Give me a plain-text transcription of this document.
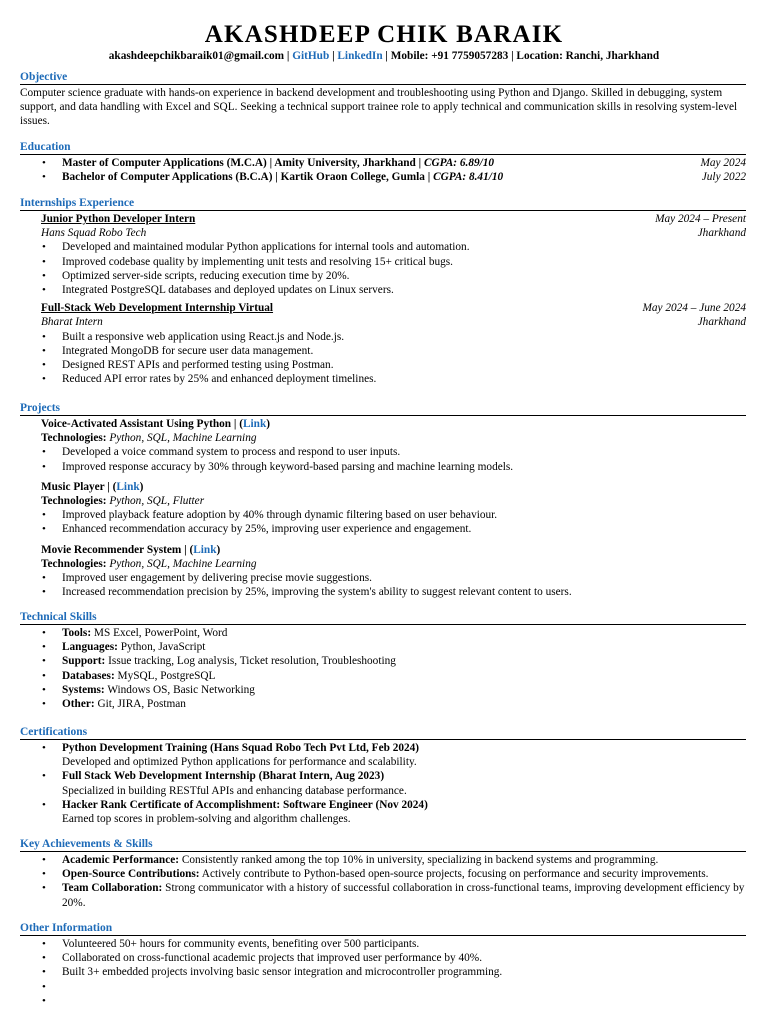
AKASHDEEP CHIK BARAIK
akashdeepchikbaraik01@gmail.com | GitHub | LinkedIn | Mobile: +91 7759057283 | Location: Ranchi, Jharkhand
Objective
Computer science graduate with hands-on experience in backend development and troubleshooting using Python and Django. Skilled in debugging, system support, and data handling with Excel and SQL. Seeking a technical support trainee role to apply technical and communication skills in resolving system-level issues.
Education
• Master of Computer Applications (M.C.A) | Amity University, Jharkhand | CGPA: 6.89/10	May 2024
• Bachelor of Computer Applications (B.C.A) | Kartik Oraon College, Gumla | CGPA: 8.41/10	July 2022
Internships Experience
Junior Python Developer Intern	May 2024 – Present
Hans Squad Robo Tech	Jharkhand
• Developed and maintained modular Python applications for internal tools and automation.
• Improved codebase quality by implementing unit tests and resolving 15+ critical bugs.
• Optimized server-side scripts, reducing execution time by 20%.
• Integrated PostgreSQL databases and deployed updates on Linux servers.
Full-Stack Web Development Internship Virtual	May 2024 – June 2024
Bharat Intern	Jharkhand
• Built a responsive web application using React.js and Node.js.
• Integrated MongoDB for secure user data management.
• Designed REST APIs and performed testing using Postman.
• Reduced API error rates by 25% and enhanced deployment timelines.
Projects
Voice-Activated Assistant Using Python | (Link)
Technologies: Python, SQL, Machine Learning
• Developed a voice command system to process and respond to user inputs.
• Improved response accuracy by 30% through keyword-based parsing and machine learning models.
Music Player | (Link)
Technologies: Python, SQL, Flutter
• Improved playback feature adoption by 40% through dynamic filtering based on user behaviour.
• Enhanced recommendation accuracy by 25%, improving user experience and engagement.
Movie Recommender System | (Link)
Technologies: Python, SQL, Machine Learning
• Improved user engagement by delivering precise movie suggestions.
• Increased recommendation precision by 25%, improving the system's ability to suggest relevant content to users.
Technical Skills
• Tools: MS Excel, PowerPoint, Word
• Languages: Python, JavaScript
• Support: Issue tracking, Log analysis, Ticket resolution, Troubleshooting
• Databases: MySQL, PostgreSQL
• Systems: Windows OS, Basic Networking
• Other: Git, JIRA, Postman
Certifications
• Python Development Training (Hans Squad Robo Tech Pvt Ltd, Feb 2024)
Developed and optimized Python applications for performance and scalability.
• Full Stack Web Development Internship (Bharat Intern, Aug 2023)
Specialized in building RESTful APIs and enhancing database performance.
• Hacker Rank Certificate of Accomplishment: Software Engineer (Nov 2024)
Earned top scores in problem-solving and algorithm challenges.
Key Achievements & Skills
• Academic Performance: Consistently ranked among the top 10% in university, specializing in backend systems and programming.
• Open-Source Contributions: Actively contribute to Python-based open-source projects, focusing on performance and security improvements.
• Team Collaboration: Strong communicator with a history of successful collaboration in cross-functional teams, improving development efficiency by 20%.
Other Information
• Volunteered 50+ hours for community events, benefiting over 500 participants.
• Collaborated on cross-functional academic projects that improved user performance by 40%.
• Built 3+ embedded projects involving basic sensor integration and microcontroller programming.
•
•
